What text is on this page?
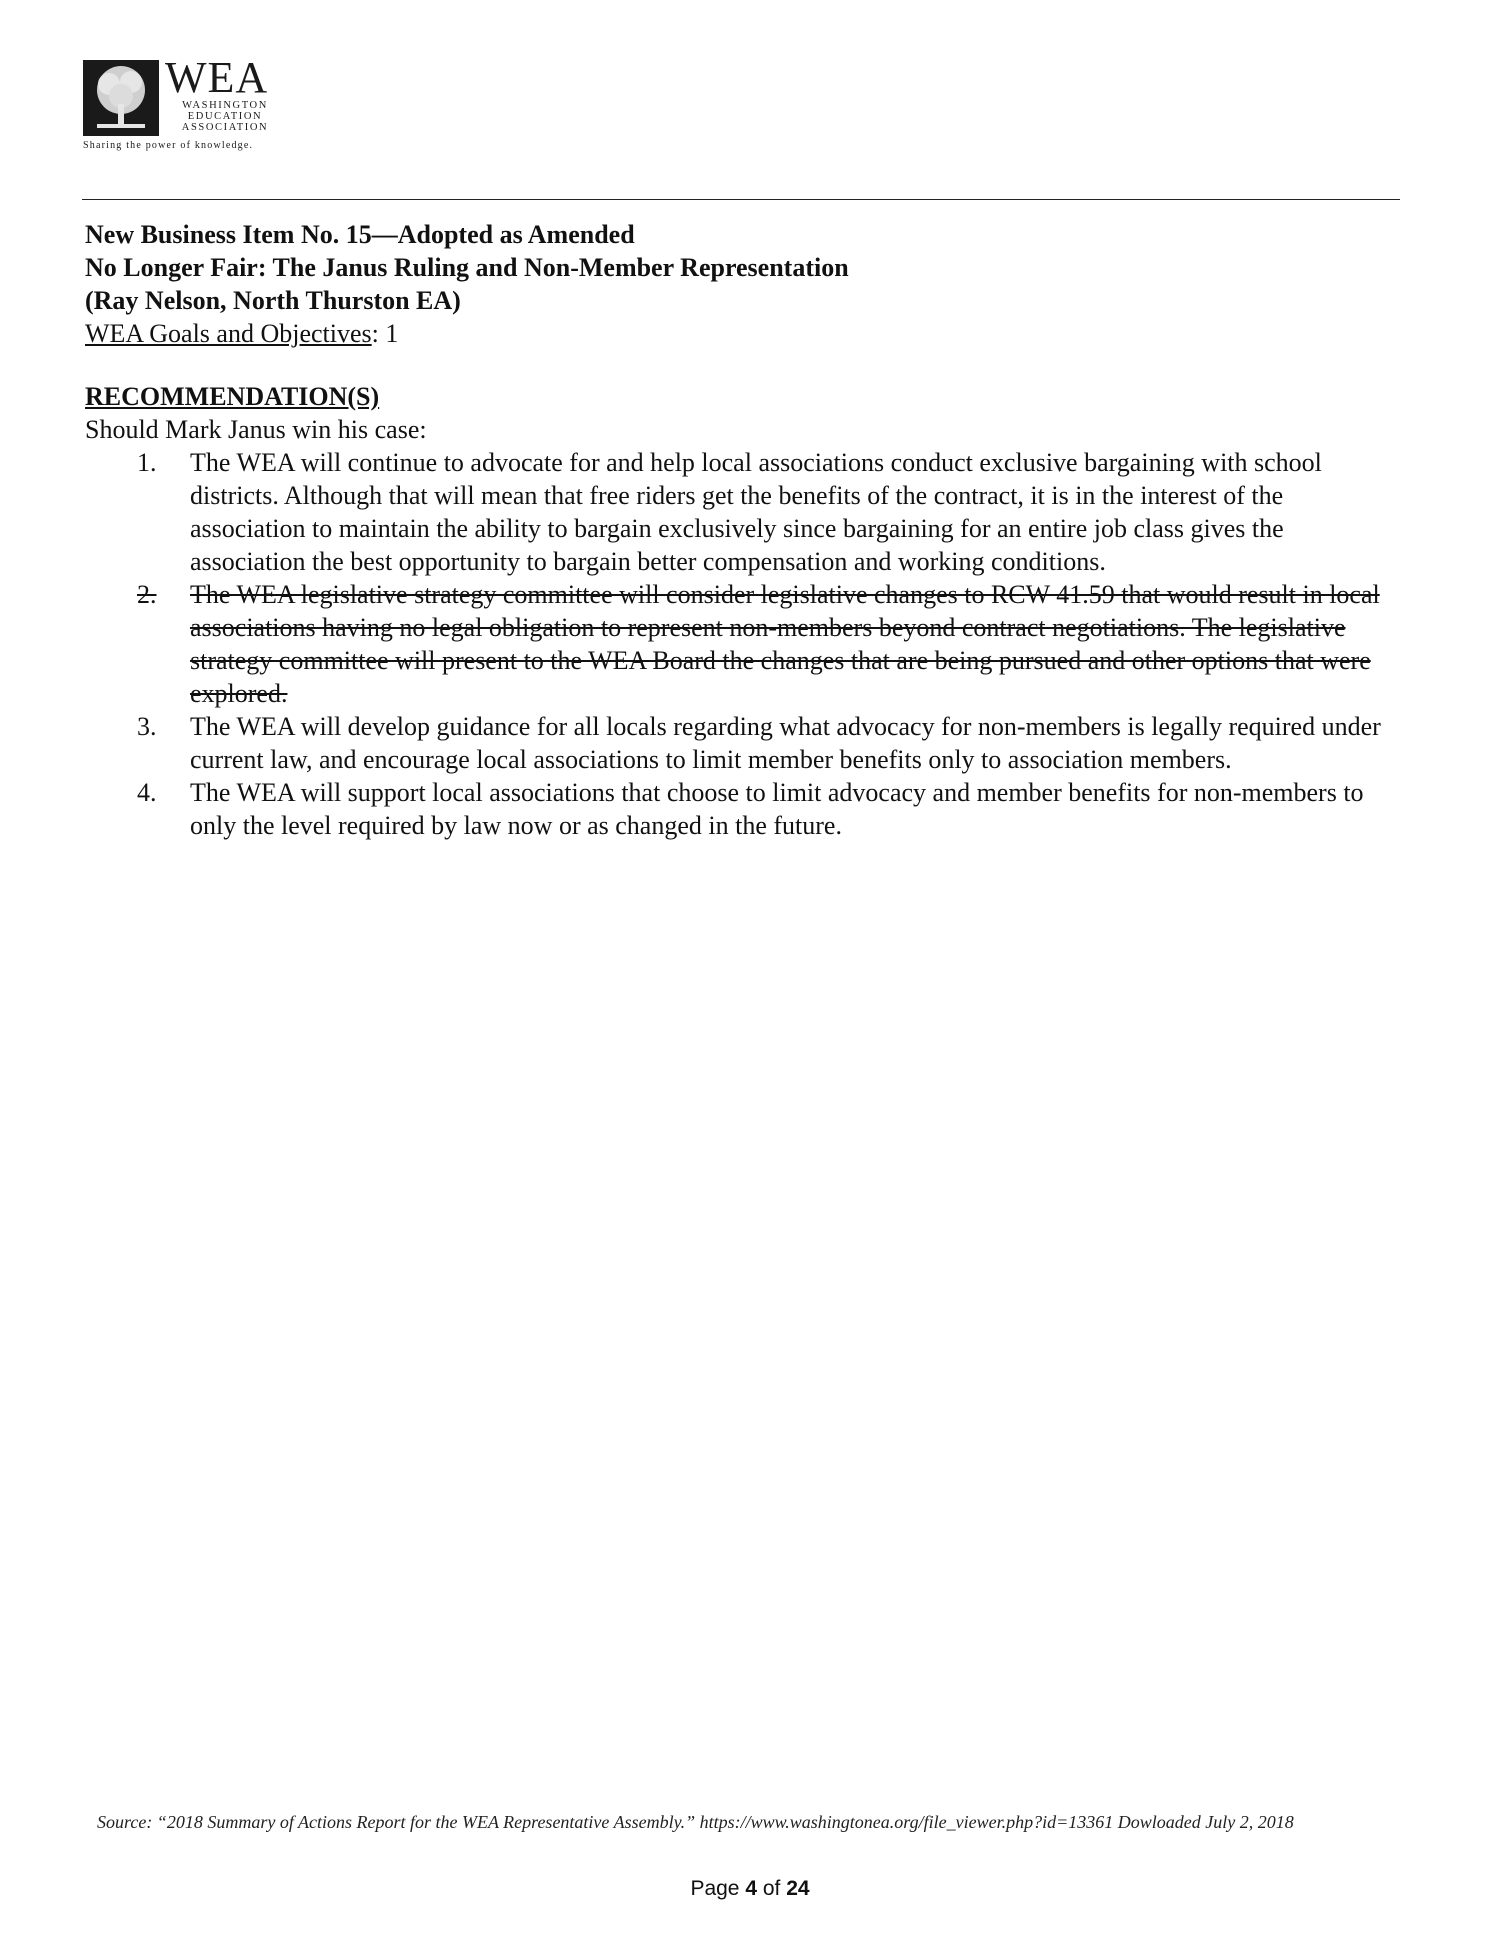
WEA
WASHINGTON
EDUCATION
ASSOCIATION
Sharing the power of knowledge.
New Business Item No. 15—Adopted as Amended
No Longer Fair: The Janus Ruling and Non-Member Representation
(Ray Nelson, North Thurston EA)
WEA Goals and Objectives: 1
RECOMMENDATION(S)
Should Mark Janus win his case:
1. The WEA will continue to advocate for and help local associations conduct exclusive bargaining with school districts. Although that will mean that free riders get the benefits of the contract, it is in the interest of the association to maintain the ability to bargain exclusively since bargaining for an entire job class gives the association the best opportunity to bargain better compensation and working conditions.
2. The WEA legislative strategy committee will consider legislative changes to RCW 41.59 that would result in local associations having no legal obligation to represent non-members beyond contract negotiations. The legislative strategy committee will present to the WEA Board the changes that are being pursued and other options that were explored.
3. The WEA will develop guidance for all locals regarding what advocacy for non-members is legally required under current law, and encourage local associations to limit member benefits only to association members.
4. The WEA will support local associations that choose to limit advocacy and member benefits for non-members to only the level required by law now or as changed in the future.
Source: “2018 Summary of Actions Report for the WEA Representative Assembly.” https://www.washingtonea.org/file_viewer.php?id=13361 Dowloaded July 2, 2018
Page 4 of 24
